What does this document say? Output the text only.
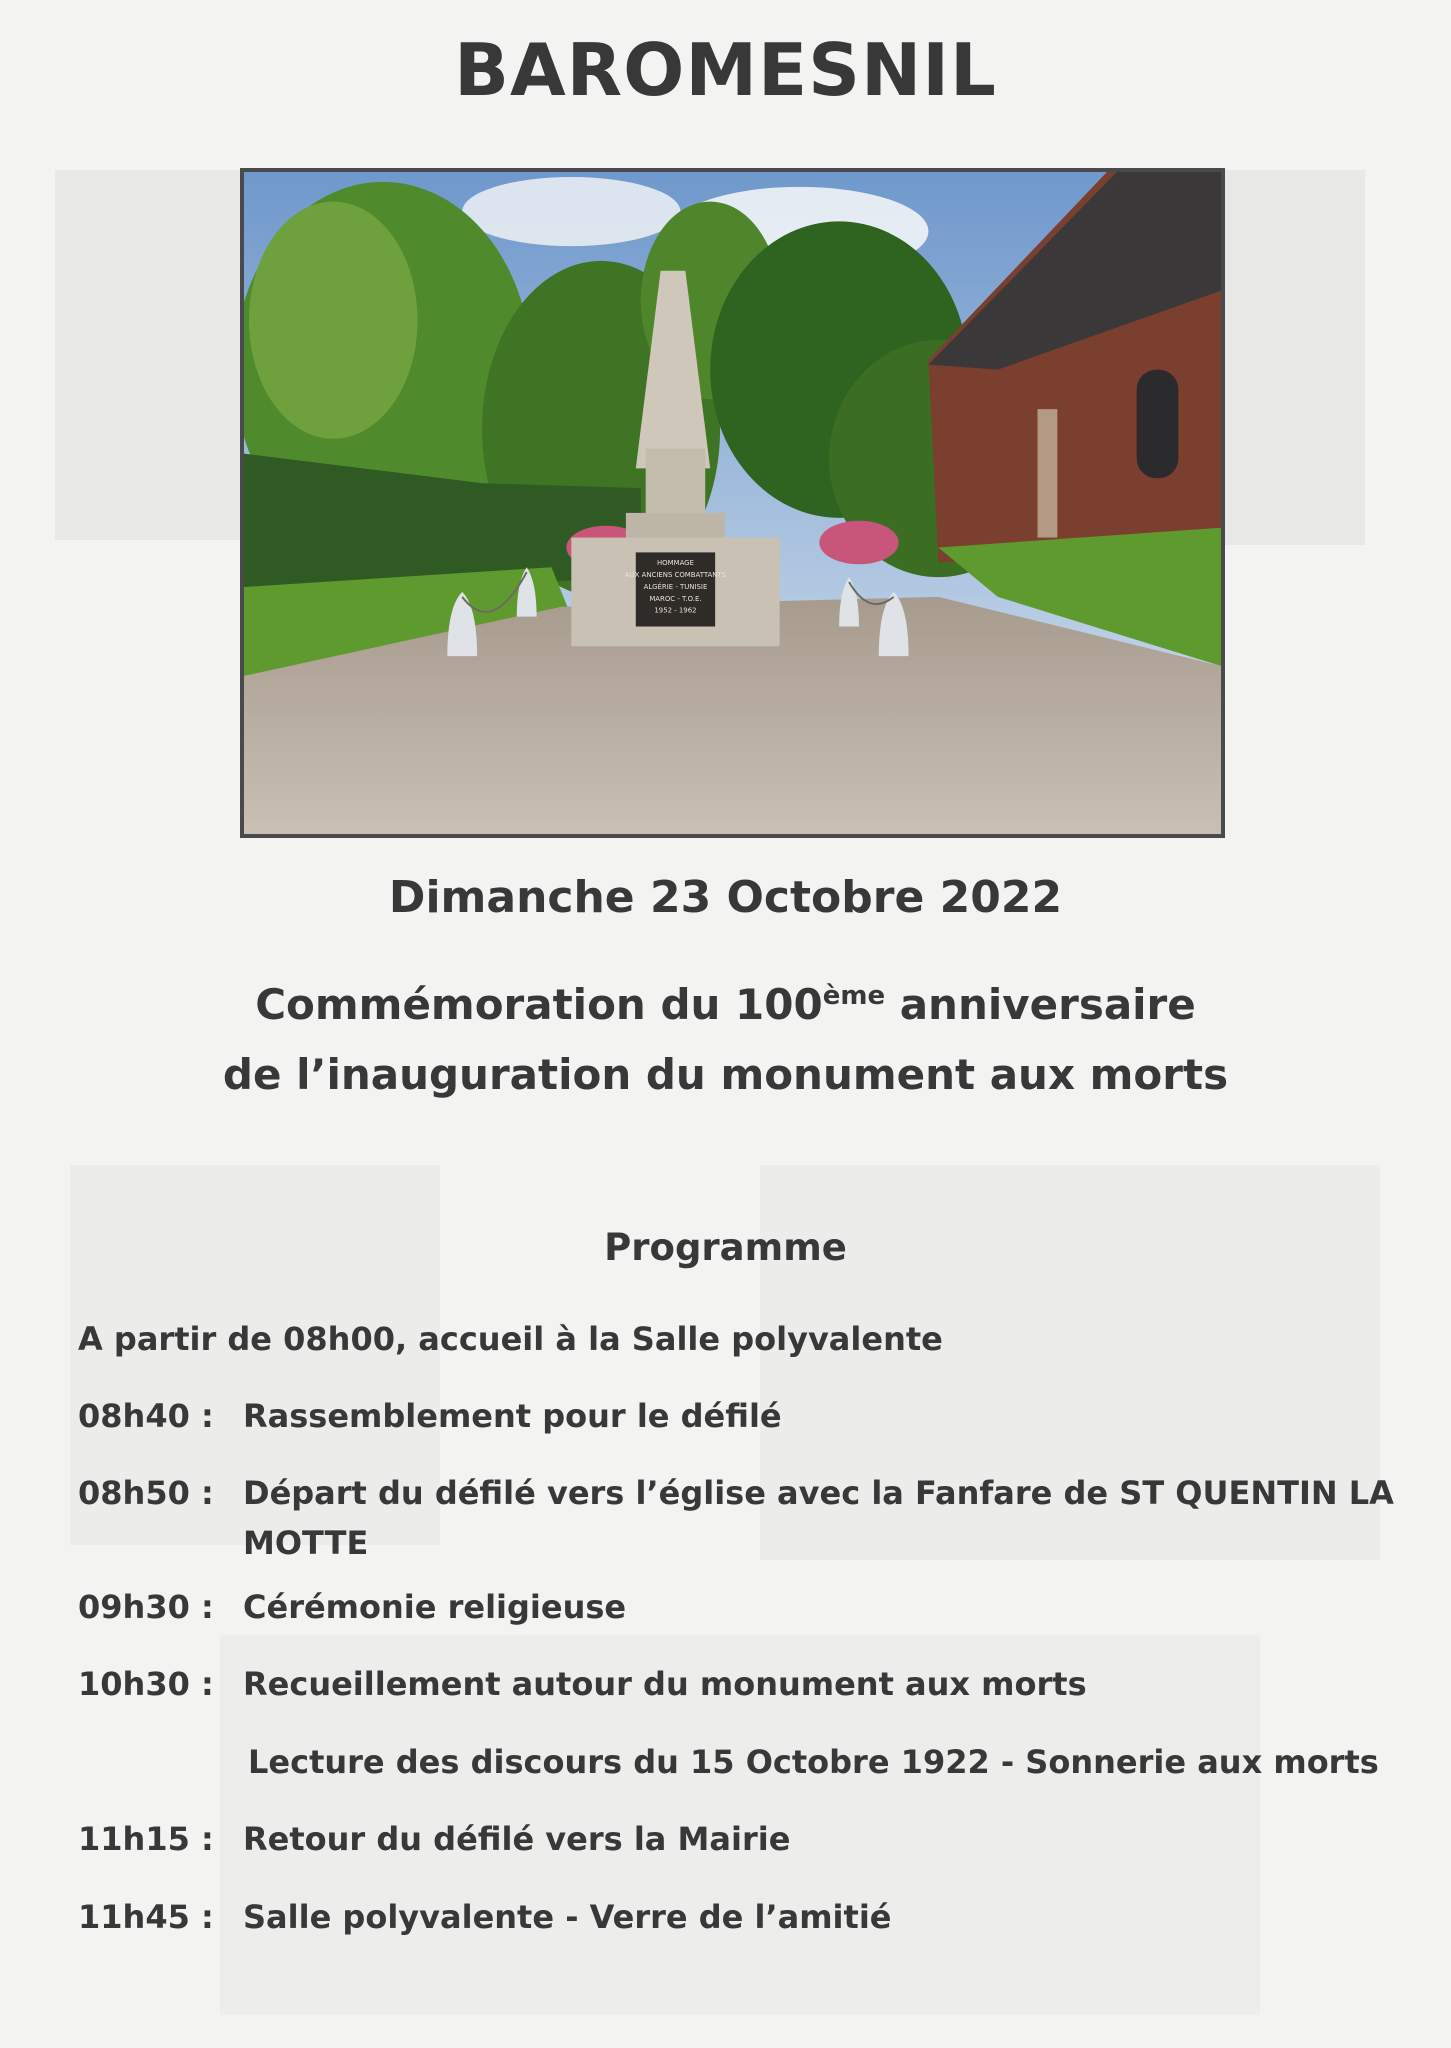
BAROMESNIL
HOMMAGE
AUX ANCIENS COMBATTANTS
ALGÉRIE - TUNISIE
MAROC - T.O.E.
1952 - 1962
Dimanche 23 Octobre 2022
Commémoration du 100ème anniversaire
de l’inauguration du monument aux morts
Programme
A partir de 08h00, accueil à la Salle polyvalente
08h40 : Rassemblement pour le défilé
08h50 : Départ du défilé vers l’église avec la Fanfare de ST QUENTIN LA
MOTTE
09h30 : Cérémonie religieuse
10h30 : Recueillement autour du monument aux morts
Lecture des discours du 15 Octobre 1922 - Sonnerie aux morts
11h15 : Retour du défilé vers la Mairie
11h45 : Salle polyvalente - Verre de l’amitié
